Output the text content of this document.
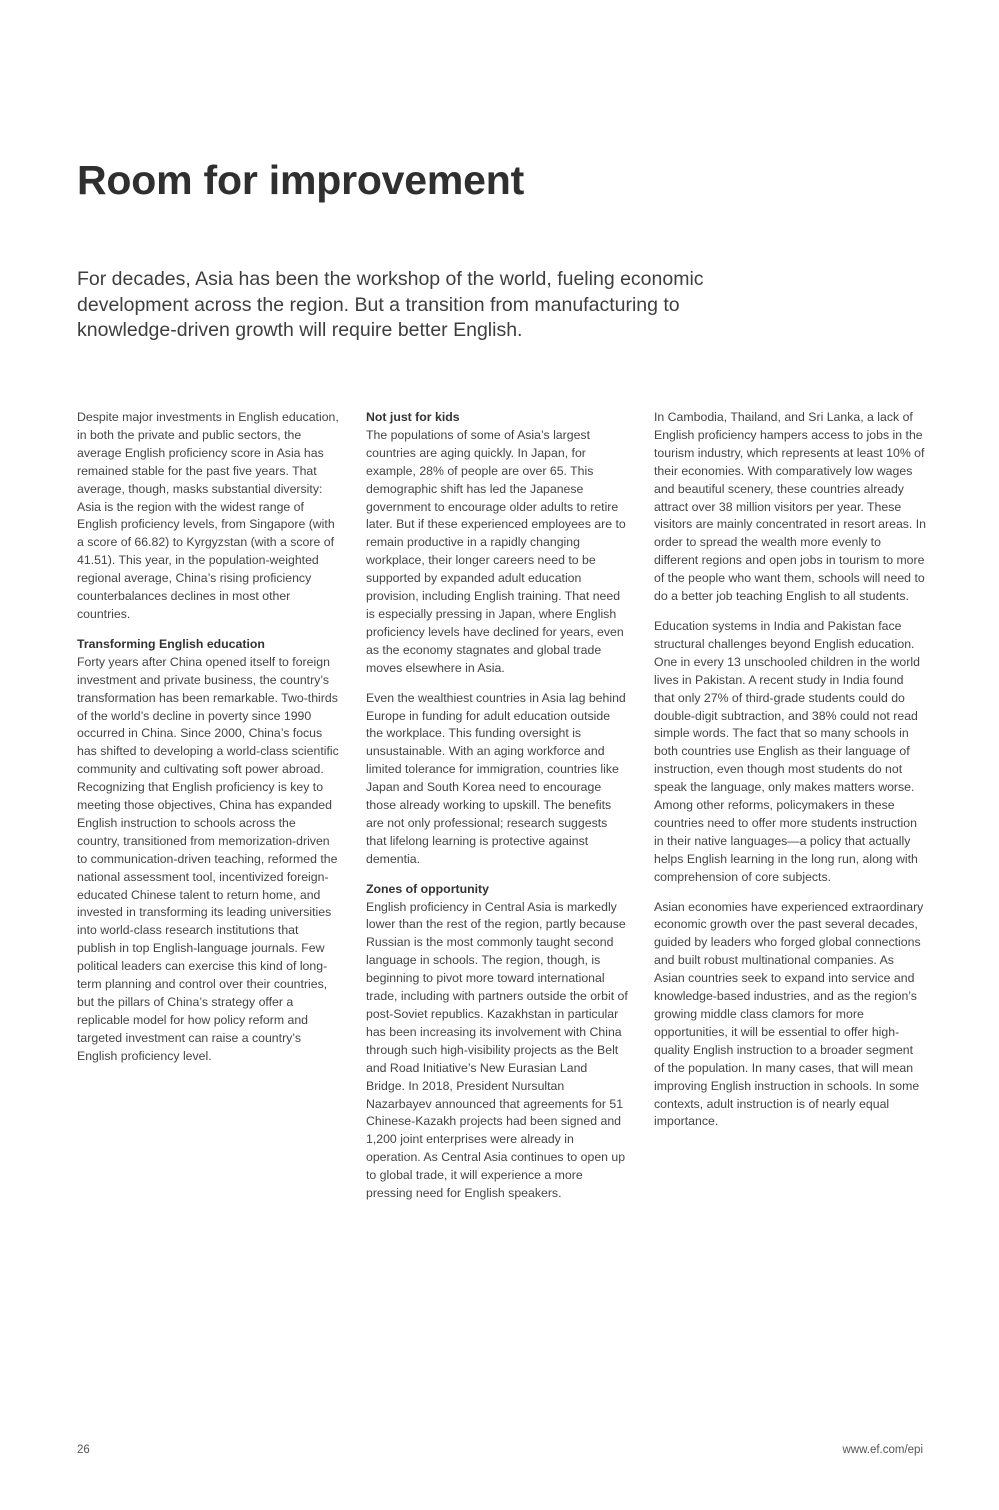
Room for improvement

For decades, Asia has been the workshop of the world, fueling economic development across the region. But a transition from manufacturing to knowledge-driven growth will require better English.

Despite major investments in English education, in both the private and public sectors, the average English proficiency score in Asia has remained stable for the past five years. That average, though, masks substantial diversity: Asia is the region with the widest range of English proficiency levels, from Singapore (with a score of 66.82) to Kyrgyzstan (with a score of 41.51). This year, in the population-weighted regional average, China’s rising proficiency counterbalances declines in most other countries.

Transforming English education

Forty years after China opened itself to foreign investment and private business, the country’s transformation has been remarkable. Two-thirds of the world’s decline in poverty since 1990 occurred in China. Since 2000, China’s focus has shifted to developing a world-class scientific community and cultivating soft power abroad. Recognizing that English proficiency is key to meeting those objectives, China has expanded English instruction to schools across the country, transitioned from memorization-driven to communication-driven teaching, reformed the national assessment tool, incentivized foreign-educated Chinese talent to return home, and invested in transforming its leading universities into world-class research institutions that publish in top English-language journals. Few political leaders can exercise this kind of long-term planning and control over their countries, but the pillars of China’s strategy offer a replicable model for how policy reform and targeted investment can raise a country’s English proficiency level.

Not just for kids

The populations of some of Asia’s largest countries are aging quickly. In Japan, for example, 28% of people are over 65. This demographic shift has led the Japanese government to encourage older adults to retire later. But if these experienced employees are to remain productive in a rapidly changing workplace, their longer careers need to be supported by expanded adult education provision, including English training. That need is especially pressing in Japan, where English proficiency levels have declined for years, even as the economy stagnates and global trade moves elsewhere in Asia.

Even the wealthiest countries in Asia lag behind Europe in funding for adult education outside the workplace. This funding oversight is unsustainable. With an aging workforce and limited tolerance for immigration, countries like Japan and South Korea need to encourage those already working to upskill. The benefits are not only professional; research suggests that lifelong learning is protective against dementia.

Zones of opportunity

English proficiency in Central Asia is markedly lower than the rest of the region, partly because Russian is the most commonly taught second language in schools. The region, though, is beginning to pivot more toward international trade, including with partners outside the orbit of post-Soviet republics. Kazakhstan in particular has been increasing its involvement with China through such high-visibility projects as the Belt and Road Initiative’s New Eurasian Land Bridge. In 2018, President Nursultan Nazarbayev announced that agreements for 51 Chinese-Kazakh projects had been signed and 1,200 joint enterprises were already in operation. As Central Asia continues to open up to global trade, it will experience a more pressing need for English speakers.

In Cambodia, Thailand, and Sri Lanka, a lack of English proficiency hampers access to jobs in the tourism industry, which represents at least 10% of their economies. With comparatively low wages and beautiful scenery, these countries already attract over 38 million visitors per year. These visitors are mainly concentrated in resort areas. In order to spread the wealth more evenly to different regions and open jobs in tourism to more of the people who want them, schools will need to do a better job teaching English to all students.

Education systems in India and Pakistan face structural challenges beyond English education. One in every 13 unschooled children in the world lives in Pakistan. A recent study in India found that only 27% of third-grade students could do double-digit subtraction, and 38% could not read simple words. The fact that so many schools in both countries use English as their language of instruction, even though most students do not speak the language, only makes matters worse. Among other reforms, policymakers in these countries need to offer more students instruction in their native languages—a policy that actually helps English learning in the long run, along with comprehension of core subjects.

Asian economies have experienced extraordinary economic growth over the past several decades, guided by leaders who forged global connections and built robust multinational companies. As Asian countries seek to expand into service and knowledge-based industries, and as the region’s growing middle class clamors for more opportunities, it will be essential to offer high-quality English instruction to a broader segment of the population. In many cases, that will mean improving English instruction in schools. In some contexts, adult instruction is of nearly equal importance.

26	www.ef.com/epi
